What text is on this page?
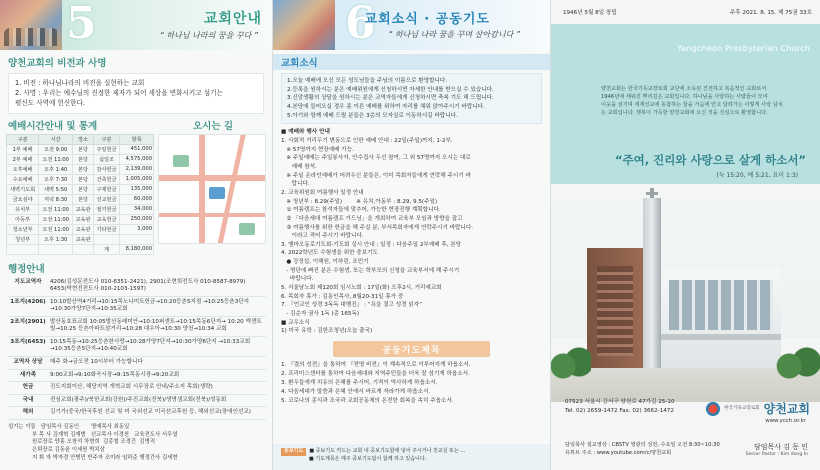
5	교회안내
“ 하나님 나라의 꿈을 꾸다 ”
양천교회의 비전과 사명
1. 비전 : 하나님나라의 비전을 실현하는 교회
2. 사명 : 우리는 예수님의 진정한 제자가 되어 세상을 변화시키고 섬기는
평신도 사역에 헌신한다.
예배시간안내 및 통계
구분	시간	장소	구분	항목
1부 예배	오전 9:00	본당	주일헌금	451,000
2부 예배	오전 11:00	본당	십일조	4,575,000
오후예배	오후 1:40	본당	감사헌금	2,139,000
수요예배	오후 7:30	본당	건축헌금	1,005,000
새벽기도회	새벽 5:50	본당	구제헌금	135,000
금요심야	저녁 8:30	본당	선교헌금	60,000
유치부	오전 11:00	교육관	절기헌금	34,000
아동부	오전 11:00	교육관	교육헌금	250,000
청소년부	오전 11:00	교육관	기타헌금	3,000
청년부	오후 1:30	교육관		
			계	8,180,000
오시는 길
행정안내
지도교역자	4206(김성문전도사 010-6351-2421), 2901(조현희전도사 010-8587-8979) 6453(박현진전도사 010-2103-1597)
1조지(4206)	10:10발산역4거리→10:15목노니미트헌금→10:20등촌5지점 →10:25등촌3단지→10:30가양7단지→10:35교회
2조지(2901)	발산동호표교회 10:05발산동래미안→10:10퍼센트→10:15목동6단지→ 10:20 엑센트빌→10:25 등촌아파트삼거리→10:28 대우아→10:30 양천→10:34 교회
3조지(6453)	10:15목동→10:25등촌한사랑→10:28가양7단지→10:30가양6단지 →10:33교회→10:35등촌5단지→10:40교회
교역자 상담	매주 화→금오전 10시부터 가능합니다
새가족	9:00교회→9:10화곡시장→9:15목동시장→9:20교회
헌금	진도지회이산, 해당지역 개혁교회 시무장로 안내/주소지 목회(생략)
국내	전심교회(광주)/북한교회(강원)/주진교회(전북)/생명샘교회(전북)/성동회
해외	김기가(중국/한국후원 선교 및 미 국외선교 미국선교후원 등, 해외선교(장애인선교)
섬기는 이들   담임목사 김동인       명예목사 최동일
부 목 사 김재혁 김재범   선교목사 이경천   교육전도사 서무열
원로장로 양홍 오창석 차현희  김종철 조경건  김병직
은퇴장로 김동윤 이세원 박치삼
지 휘 자 박자경 안병민 반주자 조미라 임하준 행정간사 김세현
6
교회소식 · 공동기도
“ 하나님 나라 꿈을 꾸며 살아갑니다 ”
교회소식
1.오늘 예배에 오신 모든 성도님들을 주님의 이름으로 환영합니다.
2.등록을 원하시는 분은 예배위원에게 신청하시면 자세한 안내를 받으실 수 있습니다.
3.신앙생활의 상담을 원하시는 분은 교역자들에게 신청하시면 축복 기도 해 드립니다.
4.본당에 들어오실 경우 좀 이른 예배를 위하여 자리를 채워 앉아주시기 바랍니다.
5.아기와 함께 예배 드릴 분들은 3층의 모자실로 이동하시길 바랍니다.
■ 예배와 행사 안내
1. 사회적 거리두기 변동으로 인한 예배 안내 : 22일(주일)까지, 1-2부.
※ 57명까지 현장예배 가능.
※ 주일예배는 주일봉사자, 안수집사 우선 참여, 그 외 57명까지 오시는 대로
예배 참석.
※ 주일 온라인예배가 어려우신 분들은, 이미 목회자들에게 연락해 주시기 바
랍니다.
2. 교육위원회 여름행사 일정 안내
※ 청년부 : 8.29(주일)        ※ 유치,아동부 : 8.29, 9.5(주일)
① 여름캠프는 참석자들에 맞추어, 가능한 현장진행 계획합니다.
② 「다음세대 여름캠프 가드닝」을 개최하여 교육부 모임과 방향을 잡고
③ 여름행사를 위한 헌금을 해 주실 분, 부서목회자에게 연락주시기 바랍니다.
이라고 적어 주시기 바랍니다.
3. 엠마오동로기도회-기도회 실시 안내 : 일정 : 다음주일 2부예배 후, 본당
4. 2022학년도 수험생을 위한 중보기도
● 강정섭, 이해원, 이하린, 조민기
- 명단에 빠진 분은 수험생, 또는 학부모의 신청을 교육부서에 해 주시기
바랍니다.
5. 서울남노회 제120회 임시노회 : 17일(화) 오후2시, 거리예교회
6. 목회자 휴가 : 김동인목사, 8월20-31일 휴가 중
7. 『언교인 성경 3독독 대행진』 : “욕을 결고 성경 읽자”
- 김순자 권사 1독 (총 165독)
■ 교우소식
1) 미국 유학 : 김한조청년(오늘 출국)
공동기도제목
1. 『결의 성전』을 통하여 『전명 비전』이 계속적으로 이루어지게 하옵소서.
2. 프리미스센터를 통하여 다음세대와 지역주민들을 더욱 잘 섬기게 하옵소서.
3. 환우들에게 치유의 은혜를 주시어, 기적이 역사하게 하옵소서.
4. 다음세대가 말씀과 은혜 안에서 바르게 자라가게 하옵소서.
5. 코로나의 종식과 조국과 교회공동체의 온전한 회복을 속히 주옵소서.
중보기도 ■ 중보기도 카드는 교회 내 중보기도함에 넣어 주시거나 친교실 또는 ...
■ 기도제목은 매주 중보기도팀이 함께 하고 있습니다.
1946년 5월 8일 창립	주후 2021. 8. 15. 제 75권 33호
Yangcheon Presbyterian Church
양천교회는 한국기독교장로회 교단에 소속된 건전하고 복음적인 교회로서
1946년에 세워진 뿌리깊은 교회입니다. 하나님을 사랑하는 사람들이 모여
이웃을 섬기며 세계선교에 동참하는 꿈을 가슴에 안고 달려가는 이렇게 사랑 넘치
는 교회입니다. 행복이 가득한 양천교회에 오신 것을 진심으로 환영합니다.
“주여, 진리와 사랑으로 살게 하소서”
(눅 15:20, 예 5:21, 요이 1:3)
07523 서울시 강서구 양천로 47가길 25-10
Tel. 02) 2659-1472 Fax. 02) 3662-1472	한국기독교장로회 양천교회
www.ycch.or.kr
담임목사 설교영상 : CBSTV 영광의 성전, 수요일 오전 8:30~10:30
유튜브 주소 : www.youtube.com/c/양천교회
담임목사 김 동 인
Senior Pastor : Kim dong In
